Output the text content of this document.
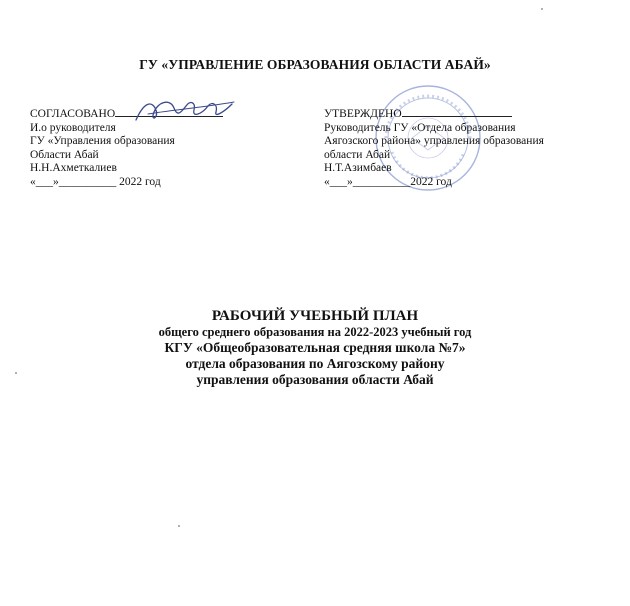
ГУ «УПРАВЛЕНИЕ ОБРАЗОВАНИЯ ОБЛАСТИ АБАЙ»
СОГЛАСОВАНО
И.о руководителя
ГУ «Управления образования
Области Абай
Н.Н.Ахметкалиев
«___»__________ 2022 год
УТВЕРЖДЕНО
Руководитель ГУ «Отдела образования
Аягозского района» управления образования
области Абай
Н.Т.Азимбаев
«___»__________2022 год
РАБОЧИЙ УЧЕБНЫЙ ПЛАН
общего среднего образования на 2022-2023 учебный год
КГУ «Общеобразовательная средняя школа №7»
отдела образования по Аягозскому району
управления образования области Абай
